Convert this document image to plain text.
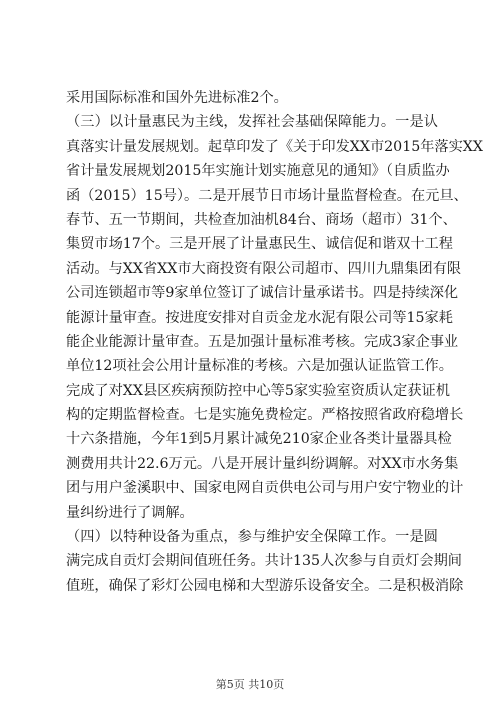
采用国际标准和国外先进标准2个。
（三）以计量惠民为主线，发挥社会基础保障能力。一是认
真落实计量发展规划。起草印发了《关于印发XX市2015年落实XX
省计量发展规划2015年实施计划实施意见的通知》（自质监办
函（2015）15号）。二是开展节日市场计量监督检查。在元旦、
春节、五一节期间，共检查加油机84台、商场（超市）31个、
集贸市场17个。三是开展了计量惠民生、诚信促和谐双十工程
活动。与XX省XX市大商投资有限公司超市、四川九鼎集团有限
公司连锁超市等9家单位签订了诚信计量承诺书。四是持续深化
能源计量审查。按进度安排对自贡金龙水泥有限公司等15家耗
能企业能源计量审查。五是加强计量标准考核。完成3家企事业
单位12项社会公用计量标准的考核。六是加强认证监管工作。
完成了对XX县区疾病预防控中心等5家实验室资质认定获证机
构的定期监督检查。七是实施免费检定。严格按照省政府稳增长
十六条措施，今年1到5月累计减免210家企业各类计量器具检
测费用共计22.6万元。八是开展计量纠纷调解。对XX市水务集
团与用户釜溪职中、国家电网自贡供电公司与用户安宁物业的计
量纠纷进行了调解。
（四）以特种设备为重点，参与维护安全保障工作。一是圆
满完成自贡灯会期间值班任务。共计135人次参与自贡灯会期间
值班，确保了彩灯公园电梯和大型游乐设备安全。二是积极消除
第5页 共10页
